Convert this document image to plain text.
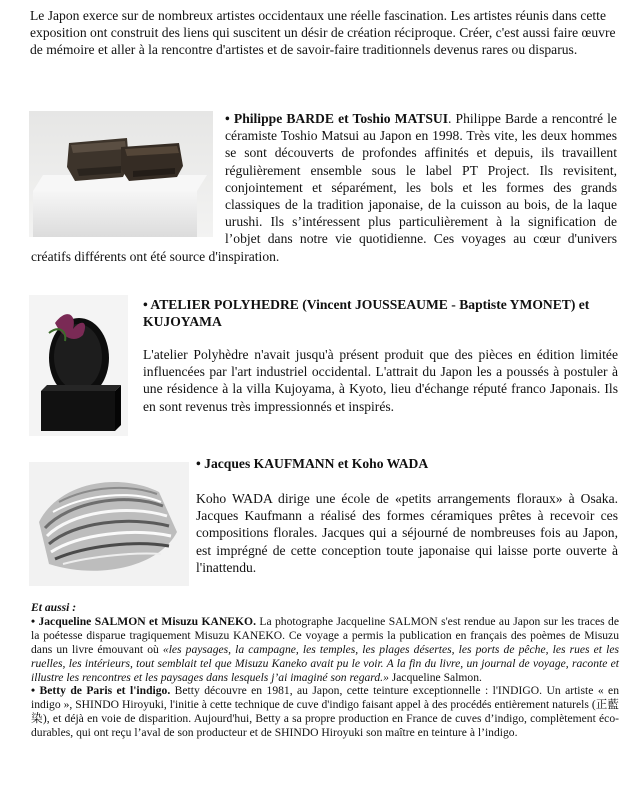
Le Japon exerce sur de nombreux artistes occidentaux une réelle fascination. Les artistes réunis dans cette exposition ont construit des liens qui suscitent un désir de création réciproque. Créer, c'est aussi faire œuvre de mémoire et aller à la rencontre d'artistes et de savoir-faire traditionnels devenus rares ou disparus.

• Philippe BARDE et Toshio MATSUI. Philippe Barde a rencontré le céramiste Toshio Matsui au Japon en 1998. Très vite, les deux hommes se sont découverts de profondes affinités et depuis, ils travaillent régulièrement ensemble sous le label PT Project. Ils revisitent, conjointement et séparément, les bols et les formes des grands classiques de la tradition japonaise, de la cuisson au bois, de la laque urushi. Ils s’intéressent plus particulièrement à la signification de l’objet dans notre vie quotidienne. Ces voyages au cœur d'univers créatifs différents ont été source d'inspiration.

• ATELIER POLYHEDRE (Vincent JOUSSEAUME - Baptiste YMONET) et KUJOYAMA

L'atelier Polyhèdre n'avait jusqu'à présent produit que des pièces en édition limitée influencées par l'art industriel occidental. L'attrait du Japon les a poussés à postuler à une résidence à la villa Kujoyama, à Kyoto, lieu d'échange réputé franco Japonais. Ils en sont revenus très impressionnés et inspirés.

• Jacques KAUFMANN et Koho WADA

Koho WADA dirige une école de «petits arrangements floraux» à Osaka. Jacques Kaufmann a réalisé des formes céramiques prêtes à recevoir ces compositions florales. Jacques qui a séjourné de nombreuses fois au Japon, est imprégné de cette conception toute japonaise qui laisse porte ouverte à l'inattendu.

Et aussi :

• Jacqueline SALMON et Misuzu KANEKO. La photographe Jacqueline SALMON s'est rendue au Japon sur les traces de la poétesse disparue tragiquement Misuzu KANEKO. Ce voyage a permis la publication en français des poèmes de Misuzu dans un livre émouvant où «les paysages, la campagne, les temples, les plages désertes, les ports de pêche, les rues et les ruelles, les intérieurs, tout semblait tel que Misuzu Kaneko avait pu le voir. A la fin du livre, un journal de voyage, raconte et illustre les rencontres et les paysages dans lesquels j’ai imaginé son regard.» Jacqueline Salmon.

• Betty de Paris et l'indigo. Betty découvre en 1981, au Japon, cette teinture exceptionnelle : l'INDIGO. Un artiste « en indigo », SHINDO Hiroyuki, l'initie à cette technique de cuve d'indigo faisant appel à des procédés entièrement naturels (正藍染), et déjà en voie de disparition. Aujourd'hui, Betty a sa propre production en France de cuves d’indigo, complètement éco-durables, qui ont reçu l’aval de son producteur et de SHINDO Hiroyuki son maître en teinture à l’indigo.
